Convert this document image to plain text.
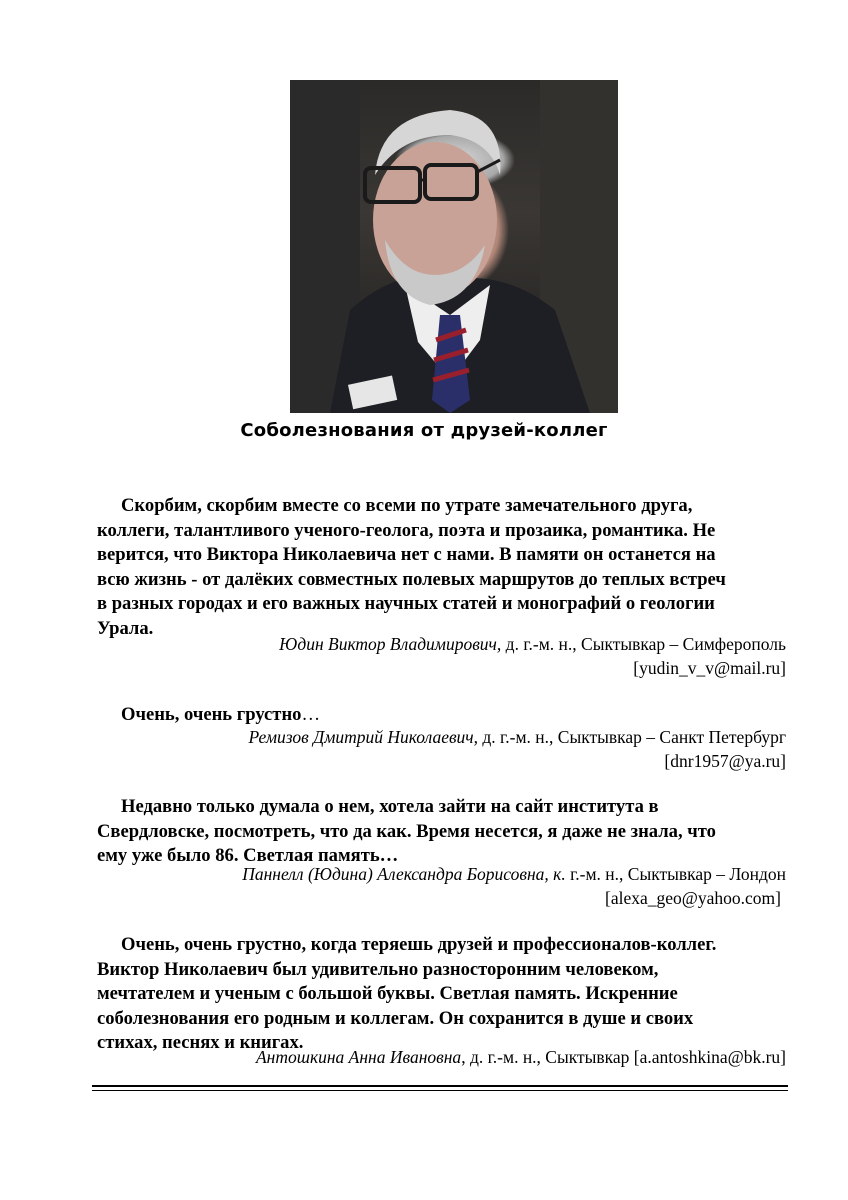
Соболезнования от друзей-коллег
Скорбим, скорбим вместе со всеми по утрате замечательного друга,
коллеги, талантливого ученого-геолога, поэта и прозаика, романтика. Не
верится, что Виктора Николаевича нет с нами. В памяти он останется на
всю жизнь - от далёких совместных полевых маршрутов до теплых встреч
в разных городах и его важных научных статей и монографий о геологии
Урала.
Юдин Виктор Владимирович, д. г.-м. н., Сыктывкар – Симферополь
[yudin_v_v@mail.ru]
Очень, очень грустно…
Ремизов Дмитрий Николаевич, д. г.-м. н., Сыктывкар – Санкт Петербург
[dnr1957@ya.ru]
Недавно только думала о нем, хотела зайти на сайт института в
Свердловске, посмотреть, что да как. Время несется, я даже не знала, что
ему уже было 86. Светлая память…
Паннелл (Юдина) Александра Борисовна, к. г.-м. н., Сыктывкар – Лондон
[alexa_geo@yahoo.com]
Очень, очень грустно, когда теряешь друзей и профессионалов-коллег.
Виктор Николаевич был удивительно разносторонним человеком,
мечтателем и ученым с большой буквы. Светлая память. Искренние
соболезнования его родным и коллегам. Он сохранится в душе и своих
стихах, песнях и книгах.
Антошкина Анна Ивановна, д. г.-м. н., Сыктывкар [a.antoshkina@bk.ru]
